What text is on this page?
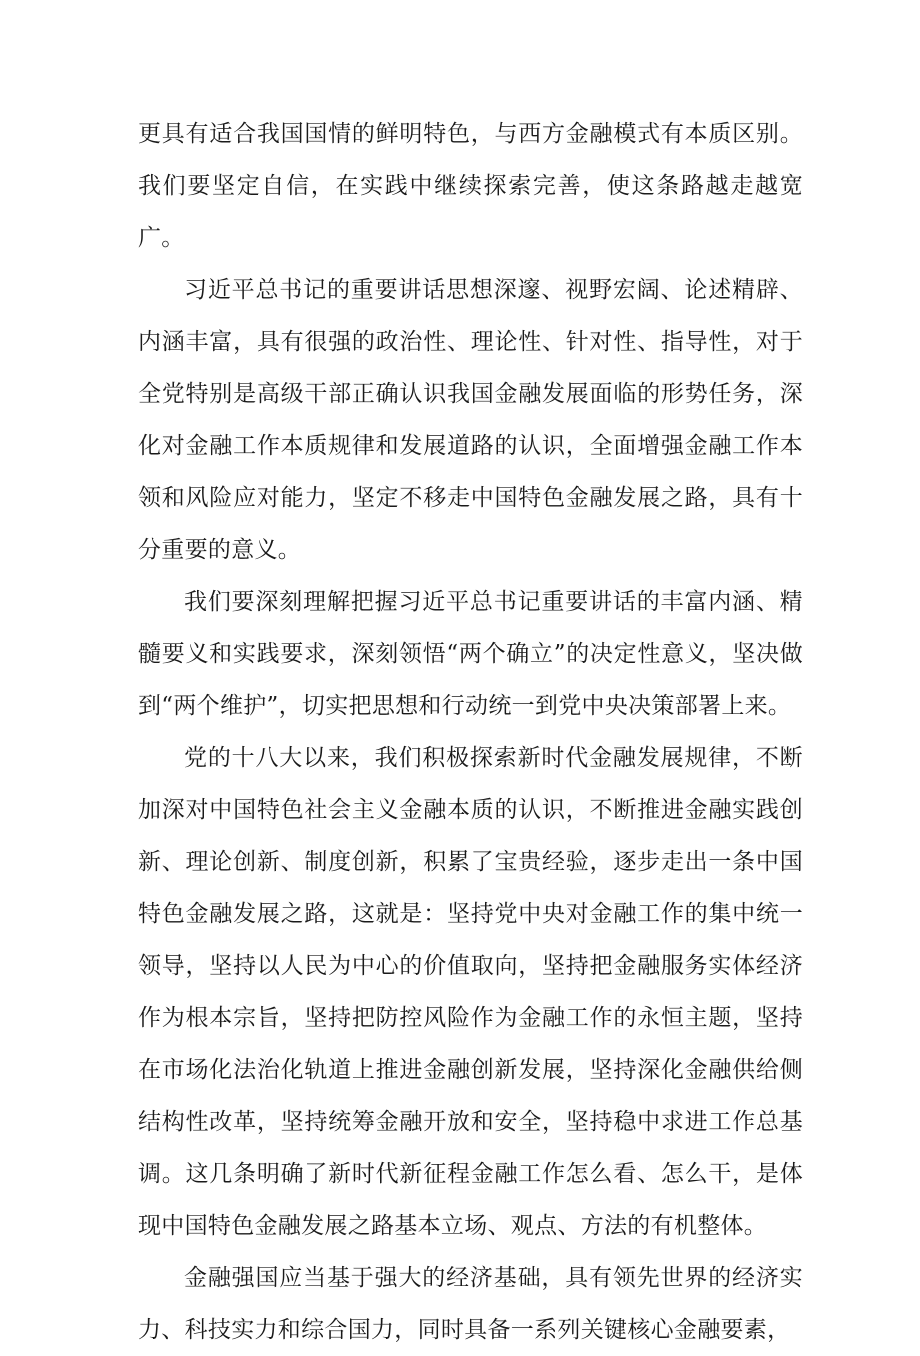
更具有适合我国国情的鲜明特色，与西方金融模式有本质区别。我们要坚定自信，在实践中继续探索完善，使这条路越走越宽广。

习近平总书记的重要讲话思想深邃、视野宏阔、论述精辟、内涵丰富，具有很强的政治性、理论性、针对性、指导性，对于全党特别是高级干部正确认识我国金融发展面临的形势任务，深化对金融工作本质规律和发展道路的认识，全面增强金融工作本领和风险应对能力，坚定不移走中国特色金融发展之路，具有十分重要的意义。

我们要深刻理解把握习近平总书记重要讲话的丰富内涵、精髓要义和实践要求，深刻领悟“两个确立”的决定性意义，坚决做到“两个维护”，切实把思想和行动统一到党中央决策部署上来。

党的十八大以来，我们积极探索新时代金融发展规律，不断加深对中国特色社会主义金融本质的认识，不断推进金融实践创新、理论创新、制度创新，积累了宝贵经验，逐步走出一条中国特色金融发展之路，这就是：坚持党中央对金融工作的集中统一领导，坚持以人民为中心的价值取向，坚持把金融服务实体经济作为根本宗旨，坚持把防控风险作为金融工作的永恒主题，坚持在市场化法治化轨道上推进金融创新发展，坚持深化金融供给侧结构性改革，坚持统筹金融开放和安全，坚持稳中求进工作总基调。这几条明确了新时代新征程金融工作怎么看、怎么干，是体现中国特色金融发展之路基本立场、观点、方法的有机整体。

金融强国应当基于强大的经济基础，具有领先世界的经济实力、科技实力和综合国力，同时具备一系列关键核心金融要素，
